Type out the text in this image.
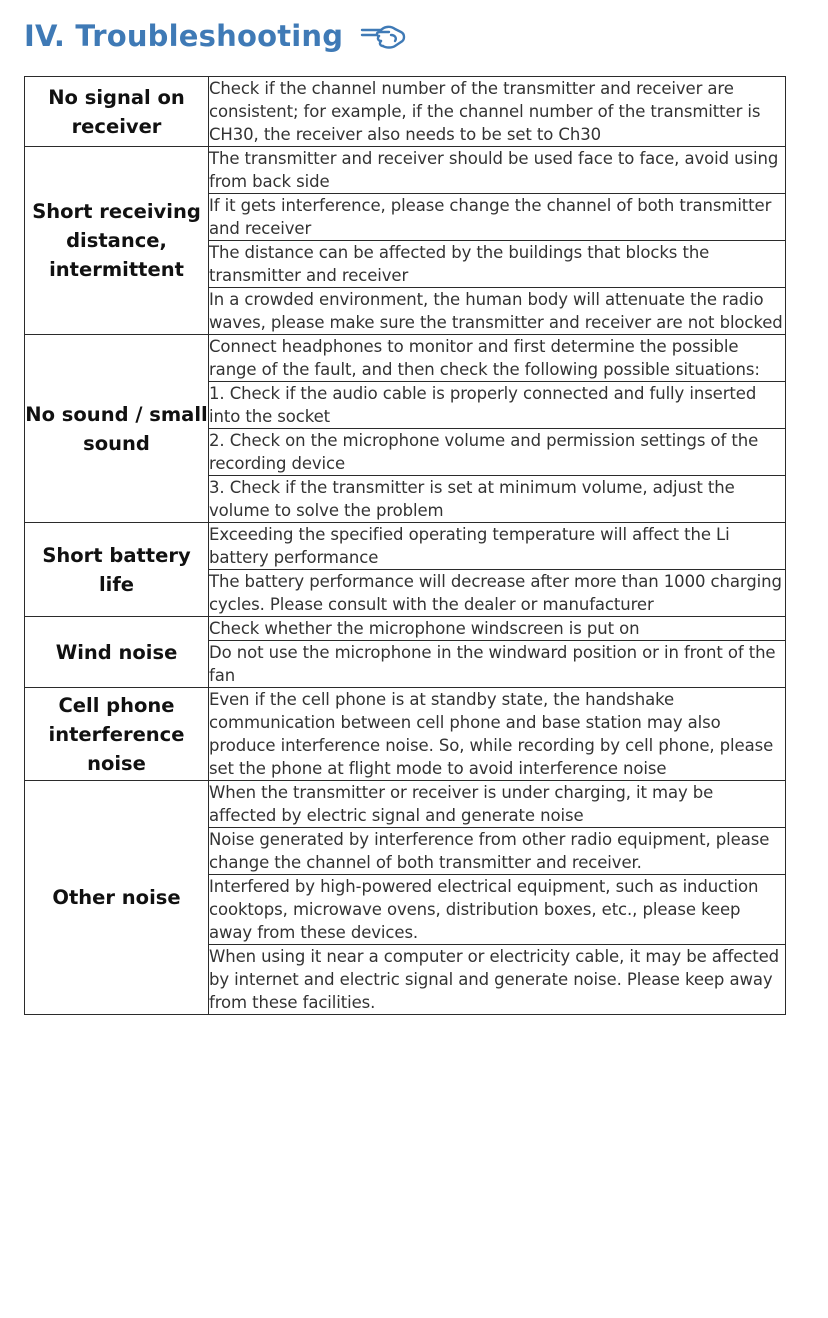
IV. Troubleshooting
No signal on receiver	Check if the channel number of the transmitter and receiver are consistent; for example, if the channel number of the transmitter is CH30, the receiver also needs to be set to Ch30
Short receiving distance, intermittent	The transmitter and receiver should be used face to face, avoid using from back side
	If it gets interference, please change the channel of both transmitter and receiver
	The distance can be affected by the buildings that blocks the transmitter and receiver
	In a crowded environment, the human body will attenuate the radio waves, please make sure the transmitter and receiver are not blocked
No sound / small sound	Connect headphones to monitor and first determine the possible range of the fault, and then check the following possible situations:
	1. Check if the audio cable is properly connected and fully inserted into the socket
	2. Check on the microphone volume and permission settings of the recording device
	3. Check if the transmitter is set at minimum volume, adjust the volume to solve the problem
Short battery life	Exceeding the specified operating temperature will affect the Li battery performance
	The battery performance will decrease after more than 1000 charging cycles. Please consult with the dealer or manufacturer
Wind noise	Check whether the microphone windscreen is put on
	Do not use the microphone in the windward position or in front of the fan
Cell phone interference noise	Even if the cell phone is at standby state, the handshake communication between cell phone and base station may also produce interference noise. So, while recording by cell phone, please set the phone at flight mode to avoid interference noise
Other noise	When the transmitter or receiver is under charging, it may be affected by electric signal and generate noise
	Noise generated by interference from other radio equipment, please change the channel of both transmitter and receiver.
	Interfered by high-powered electrical equipment, such as induction cooktops, microwave ovens, distribution boxes, etc., please keep away from these devices.
	When using it near a computer or electricity cable, it may be affected by internet and electric signal and generate noise. Please keep away from these facilities.
